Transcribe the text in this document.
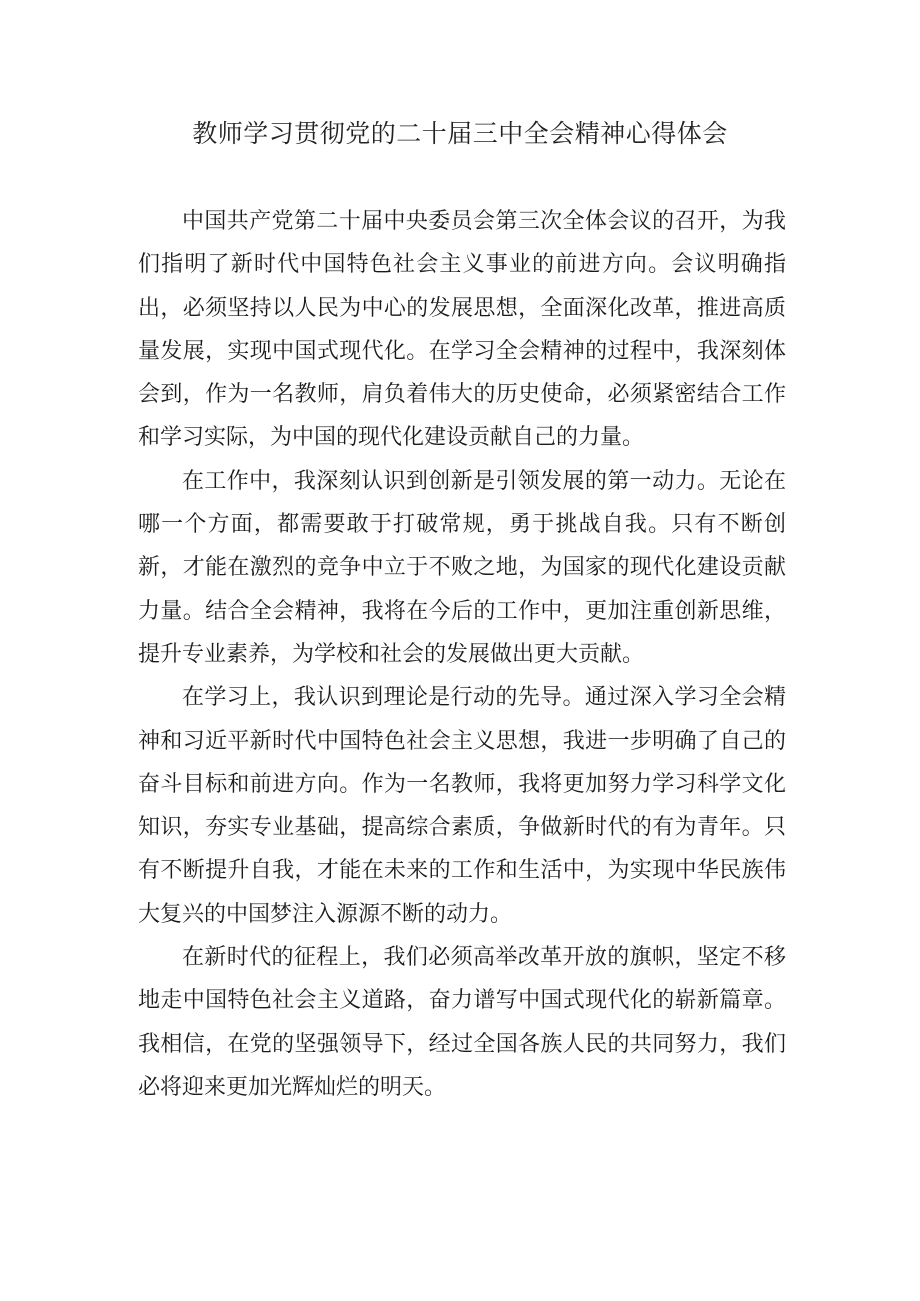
教师学习贯彻党的二十届三中全会精神心得体会

中国共产党第二十届中央委员会第三次全体会议的召开，为我们指明了新时代中国特色社会主义事业的前进方向。会议明确指出，必须坚持以人民为中心的发展思想，全面深化改革，推进高质量发展，实现中国式现代化。在学习全会精神的过程中，我深刻体会到，作为一名教师，肩负着伟大的历史使命，必须紧密结合工作和学习实际，为中国的现代化建设贡献自己的力量。

在工作中，我深刻认识到创新是引领发展的第一动力。无论在哪一个方面，都需要敢于打破常规，勇于挑战自我。只有不断创新，才能在激烈的竞争中立于不败之地，为国家的现代化建设贡献力量。结合全会精神，我将在今后的工作中，更加注重创新思维，提升专业素养，为学校和社会的发展做出更大贡献。

在学习上，我认识到理论是行动的先导。通过深入学习全会精神和习近平新时代中国特色社会主义思想，我进一步明确了自己的奋斗目标和前进方向。作为一名教师，我将更加努力学习科学文化知识，夯实专业基础，提高综合素质，争做新时代的有为青年。只有不断提升自我，才能在未来的工作和生活中，为实现中华民族伟大复兴的中国梦注入源源不断的动力。

在新时代的征程上，我们必须高举改革开放的旗帜，坚定不移地走中国特色社会主义道路，奋力谱写中国式现代化的崭新篇章。我相信，在党的坚强领导下，经过全国各族人民的共同努力，我们必将迎来更加光辉灿烂的明天。
